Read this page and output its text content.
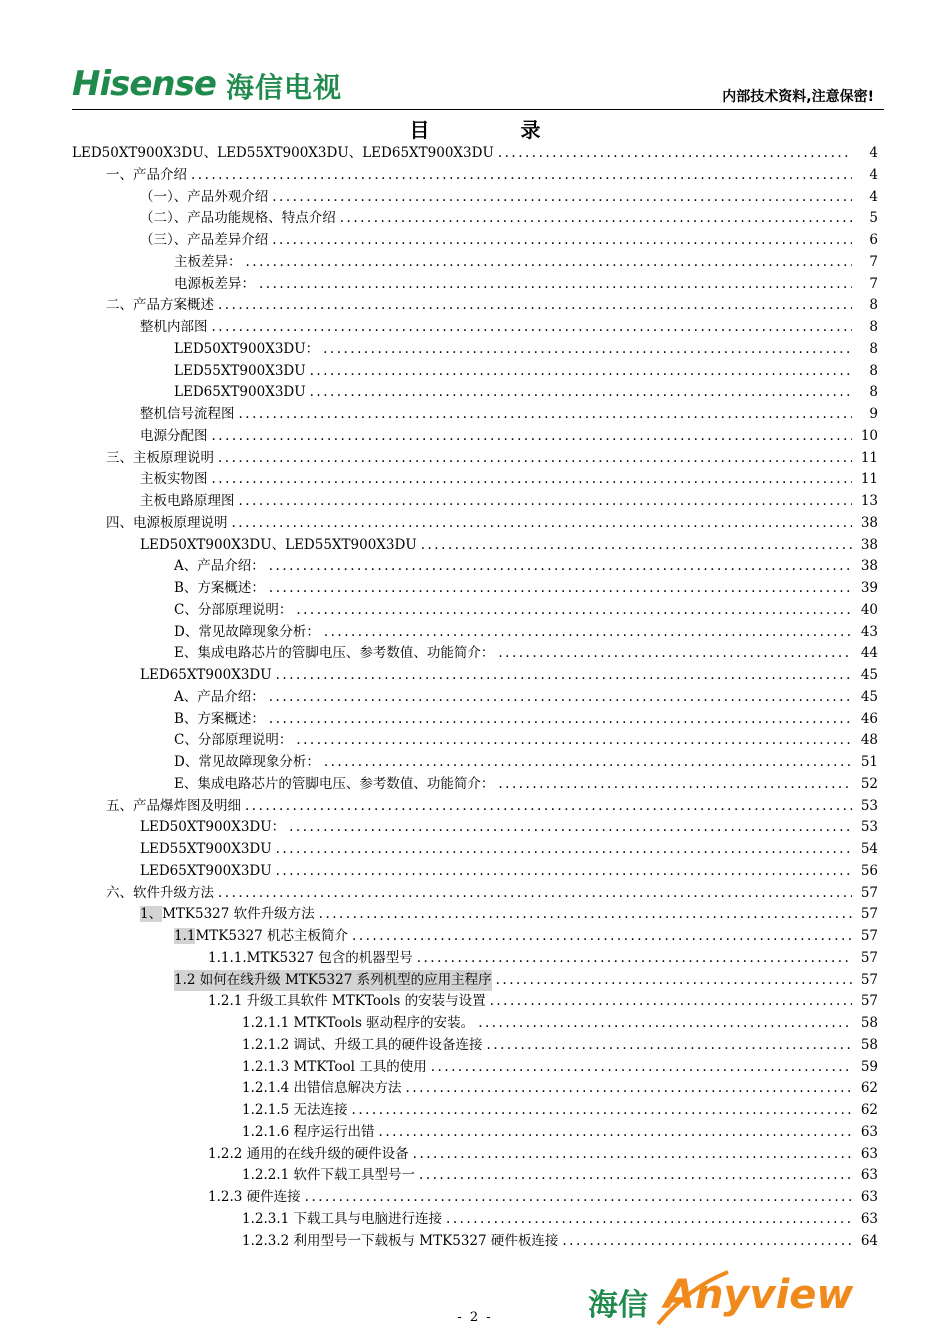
Hisense 海信电视	内部技术资料,注意保密!
目 录
LED50XT900X3DU、LED55XT900X3DU、LED65XT900X3DU .....	4
一、产品介绍 .....	4
（一）、产品外观介绍 .....	4
（二）、产品功能规格、特点介绍 .....	5
（三）、产品差异介绍 .....	6
主板差异： .....	7
电源板差异： .....	7
二、产品方案概述 .....	8
整机内部图 .....	8
LED50XT900X3DU： .....	8
LED55XT900X3DU .....	8
LED65XT900X3DU .....	8
整机信号流程图 .....	9
电源分配图 .....	10
三、主板原理说明 .....	11
主板实物图 .....	11
主板电路原理图 .....	13
四、电源板原理说明 .....	38
LED50XT900X3DU、LED55XT900X3DU .....	38
A、产品介绍： .....	38
B、方案概述： .....	39
C、分部原理说明： .....	40
D、常见故障现象分析： .....	43
E、集成电路芯片的管脚电压、参考数值、功能简介： .....	44
LED65XT900X3DU .....	45
A、产品介绍： .....	45
B、方案概述： .....	46
C、分部原理说明： .....	48
D、常见故障现象分析： .....	51
E、集成电路芯片的管脚电压、参考数值、功能简介： .....	52
五、产品爆炸图及明细 .....	53
LED50XT900X3DU： .....	53
LED55XT900X3DU .....	54
LED65XT900X3DU .....	56
六、软件升级方法 .....	57
1、MTK5327 软件升级方法 .....	57
1.1MTK5327 机芯主板简介 .....	57
1.1.1.MTK5327 包含的机器型号 .....	57
1.2 如何在线升级 MTK5327 系列机型的应用主程序 .....	57
1.2.1 升级工具软件 MTKTools 的安装与设置 .....	57
1.2.1.1 MTKTools 驱动程序的安装。 .....	58
1.2.1.2 调试、升级工具的硬件设备连接 .....	58
1.2.1.3 MTKTool 工具的使用 .....	59
1.2.1.4 出错信息解决方法 .....	62
1.2.1.5 无法连接 .....	62
1.2.1.6 程序运行出错 .....	63
1.2.2 通用的在线升级的硬件设备 .....	63
1.2.2.1 软件下载工具型号一 .....	63
1.2.3 硬件连接 .....	63
1.2.3.1 下载工具与电脑进行连接 .....	63
1.2.3.2 利用型号一下载板与 MTK5327 硬件板连接 .....	64
海信 Anyview
- 2 -
